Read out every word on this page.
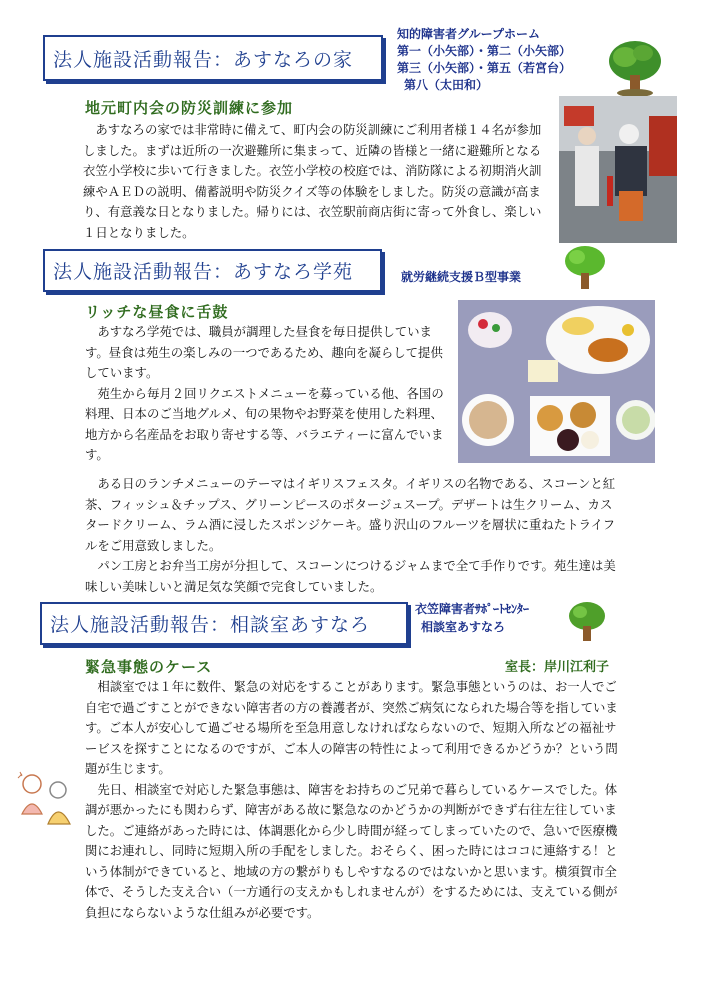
法人施設活動報告：あすなろの家
知的障害者グループホーム
第一（小矢部）・第二（小矢部）
第三（小矢部）・第五（若宮台）
第八（太田和）
地元町内会の防災訓練に参加

あすなろの家では非常時に備えて、町内会の防災訓練にご利用者様１４名が参加しました。まずは近所の一次避難所に集まって、近隣の皆様と一緒に避難所となる衣笠小学校に歩いて行きました。衣笠小学校の校庭では、消防隊による初期消火訓練やＡＥＤの説明、備蓄説明や防災クイズ等の体験をしました。防災の意識が高まり、有意義な日となりました。帰りには、衣笠駅前商店街に寄って外食し、楽しい１日となりました。

法人施設活動報告：あすなろ学苑	就労継続支援Ｂ型事業
リッチな昼食に舌鼓

あすなろ学苑では、職員が調理した昼食を毎日提供しています。昼食は苑生の楽しみの一つであるため、趣向を凝らして提供しています。

苑生から毎月２回リクエストメニューを募っている他、各国の料理、日本のご当地グルメ、旬の果物やお野菜を使用した料理、地方から名産品をお取り寄せする等、バラエティーに富んでいます。

ある日のランチメニューのテーマはイギリスフェスタ。イギリスの名物である、スコーンと紅茶、フィッシュ＆チップス、グリーンピースのポタージュスープ。デザートは生クリーム、カスタードクリーム、ラム酒に浸したスポンジケーキ。盛り沢山のフルーツを層状に重ねたトライフルをご用意致しました。

パン工房とお弁当工房が分担して、スコーンにつけるジャムまで全て手作りです。苑生達は美味しい美味しいと満足気な笑顔で完食していました。

法人施設活動報告：相談室あすなろ
衣笠障害者ｻﾎﾟｰﾄｾﾝﾀｰ
相談室あすなろ
緊急事態のケース	室長：岸川江利子

相談室では１年に数件、緊急の対応をすることがあります。緊急事態というのは、お一人でご自宅で過ごすことができない障害者の方の養護者が、突然ご病気になられた場合等を指しています。ご本人が安心して過ごせる場所を至急用意しなければならないので、短期入所などの福祉サービスを探すことになるのですが、ご本人の障害の特性によって利用できるかどうか？という問題が生じます。

先日、相談室で対応した緊急事態は、障害をお持ちのご兄弟で暮らしているケースでした。体調が悪かったにも関わらず、障害がある故に緊急なのかどうかの判断ができず右往左往していました。ご連絡があった時には、体調悪化から少し時間が経ってしまっていたので、急いで医療機関にお連れし、同時に短期入所の手配をしました。おそらく、困った時にはココに連絡する！という体制ができていると、地域の方の繋がりもしやすなるのではないかと思います。横須賀市全体で、そうした支え合い（一方通行の支えかもしれませんが）をするためには、支えている側が負担にならないような仕組みが必要です。
